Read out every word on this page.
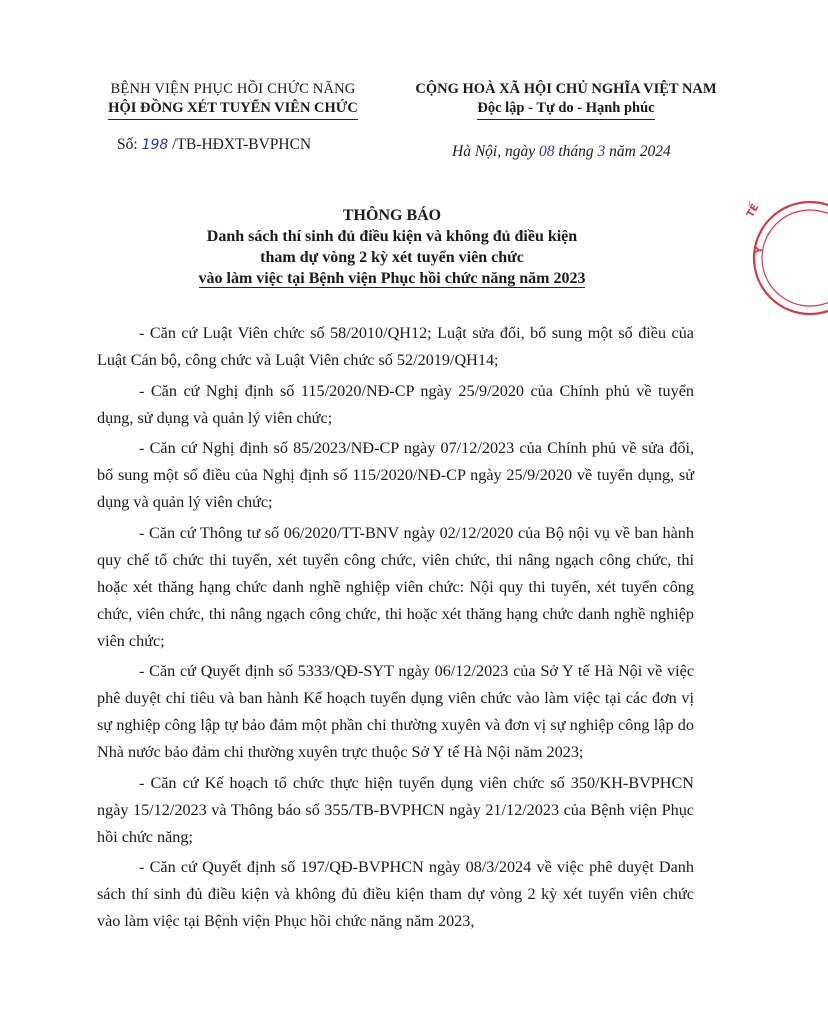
BỆNH VIỆN PHỤC HỒI CHỨC NĂNG
HỘI ĐỒNG XÉT TUYỂN VIÊN CHỨC
CỘNG HOÀ XÃ HỘI CHỦ NGHĨA VIỆT NAM
Độc lập - Tự do - Hạnh phúc
Số: 198 /TB-HĐXT-BVPHCN	Hà Nội, ngày 08 tháng 3 năm 2024
THÔNG BÁO
Danh sách thí sinh đủ điều kiện và không đủ điều kiện
tham dự vòng 2 kỳ xét tuyển viên chức
vào làm việc tại Bệnh viện Phục hồi chức năng năm 2023

- Căn cứ Luật Viên chức số 58/2010/QH12; Luật sửa đổi, bổ sung một số điều của Luật Cán bộ, công chức và Luật Viên chức số 52/2019/QH14;

- Căn cứ Nghị định số 115/2020/NĐ-CP ngày 25/9/2020 của Chính phủ về tuyển dụng, sử dụng và quản lý viên chức;

- Căn cứ Nghị định số 85/2023/NĐ-CP ngày 07/12/2023 của Chính phủ về sửa đổi, bổ sung một số điều của Nghị định số 115/2020/NĐ-CP ngày 25/9/2020 về tuyển dụng, sử dụng và quản lý viên chức;

- Căn cứ Thông tư số 06/2020/TT-BNV ngày 02/12/2020 của Bộ nội vụ về ban hành quy chế tổ chức thi tuyển, xét tuyển công chức, viên chức, thi nâng ngạch công chức, thi hoặc xét thăng hạng chức danh nghề nghiệp viên chức: Nội quy thi tuyển, xét tuyển công chức, viên chức, thi nâng ngạch công chức, thi hoặc xét thăng hạng chức danh nghề nghiệp viên chức;

- Căn cứ Quyết định số 5333/QĐ-SYT ngày 06/12/2023 của Sở Y tế Hà Nội về việc phê duyệt chỉ tiêu và ban hành Kế hoạch tuyển dụng viên chức vào làm việc tại các đơn vị sự nghiệp công lập tự bảo đảm một phần chi thường xuyên và đơn vị sự nghiệp công lập do Nhà nước bảo đảm chi thường xuyên trực thuộc Sở Y tế Hà Nội năm 2023;

- Căn cứ Kế hoạch tổ chức thực hiện tuyển dụng viên chức số 350/KH-BVPHCN ngày 15/12/2023 và Thông báo số 355/TB-BVPHCN ngày 21/12/2023 của Bệnh viện Phục hồi chức năng;

- Căn cứ Quyết định số 197/QĐ-BVPHCN ngày 08/3/2024 về việc phê duyệt Danh sách thí sinh đủ điều kiện và không đủ điều kiện tham dự vòng 2 kỳ xét tuyển viên chức vào làm việc tại Bệnh viện Phục hồi chức năng năm 2023,

TẾ
Y
